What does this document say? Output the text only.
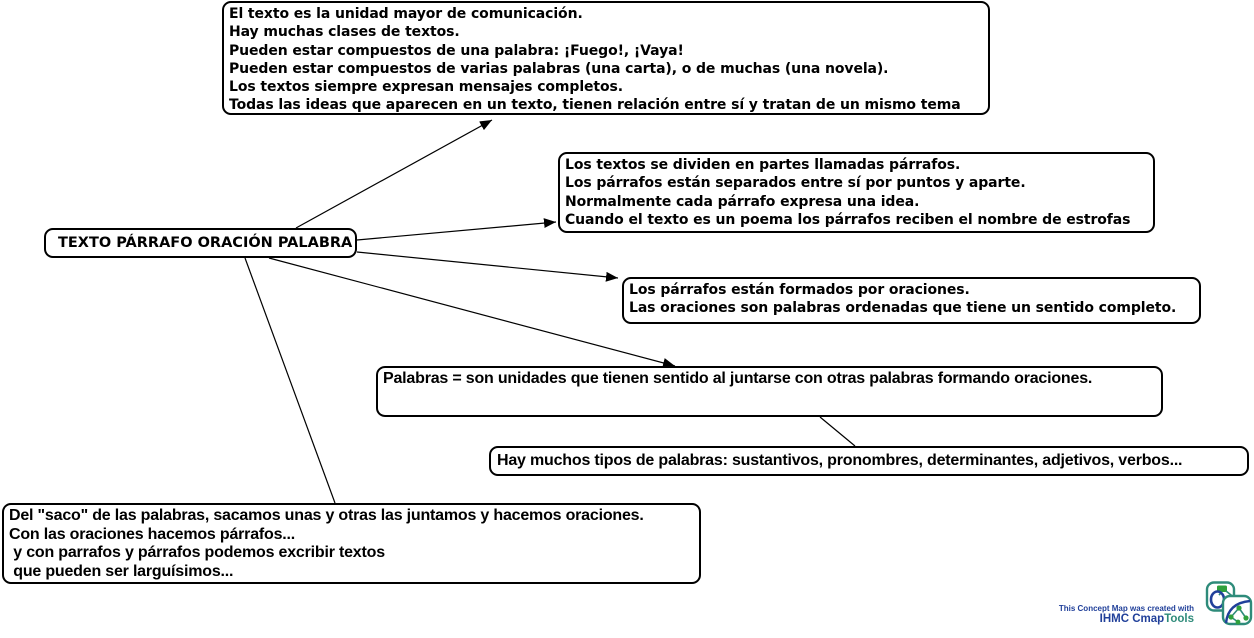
El texto es la unidad mayor de comunicación.
Hay muchas clases de textos.
Pueden estar compuestos de una palabra: ¡Fuego!, ¡Vaya!
Pueden estar compuestos de varias palabras (una carta), o de muchas (una novela).
Los textos siempre expresan mensajes completos.
Todas las ideas que aparecen en un texto, tienen relación entre sí y tratan de un mismo tema
Los textos se dividen en partes llamadas párrafos.
Los párrafos están separados entre sí por puntos y aparte.
Normalmente cada párrafo expresa una idea.
Cuando el texto es un poema los párrafos reciben el nombre de estrofas
Los párrafos están formados por oraciones.
Las oraciones son palabras ordenadas que tiene un sentido completo.
TEXTO PÁRRAFO ORACIÓN PALABRA
Palabras = son unidades que tienen sentido al juntarse con otras palabras formando oraciones.
Hay muchos tipos de palabras: sustantivos, pronombres, determinantes, adjetivos, verbos...
Del "saco" de las palabras, sacamos unas y otras las juntamos y hacemos oraciones.
Con las oraciones hacemos párrafos...
y con parrafos y párrafos podemos excribir textos
que pueden ser larguísimos...
This Concept Map was created with
IHMC CmapTools
